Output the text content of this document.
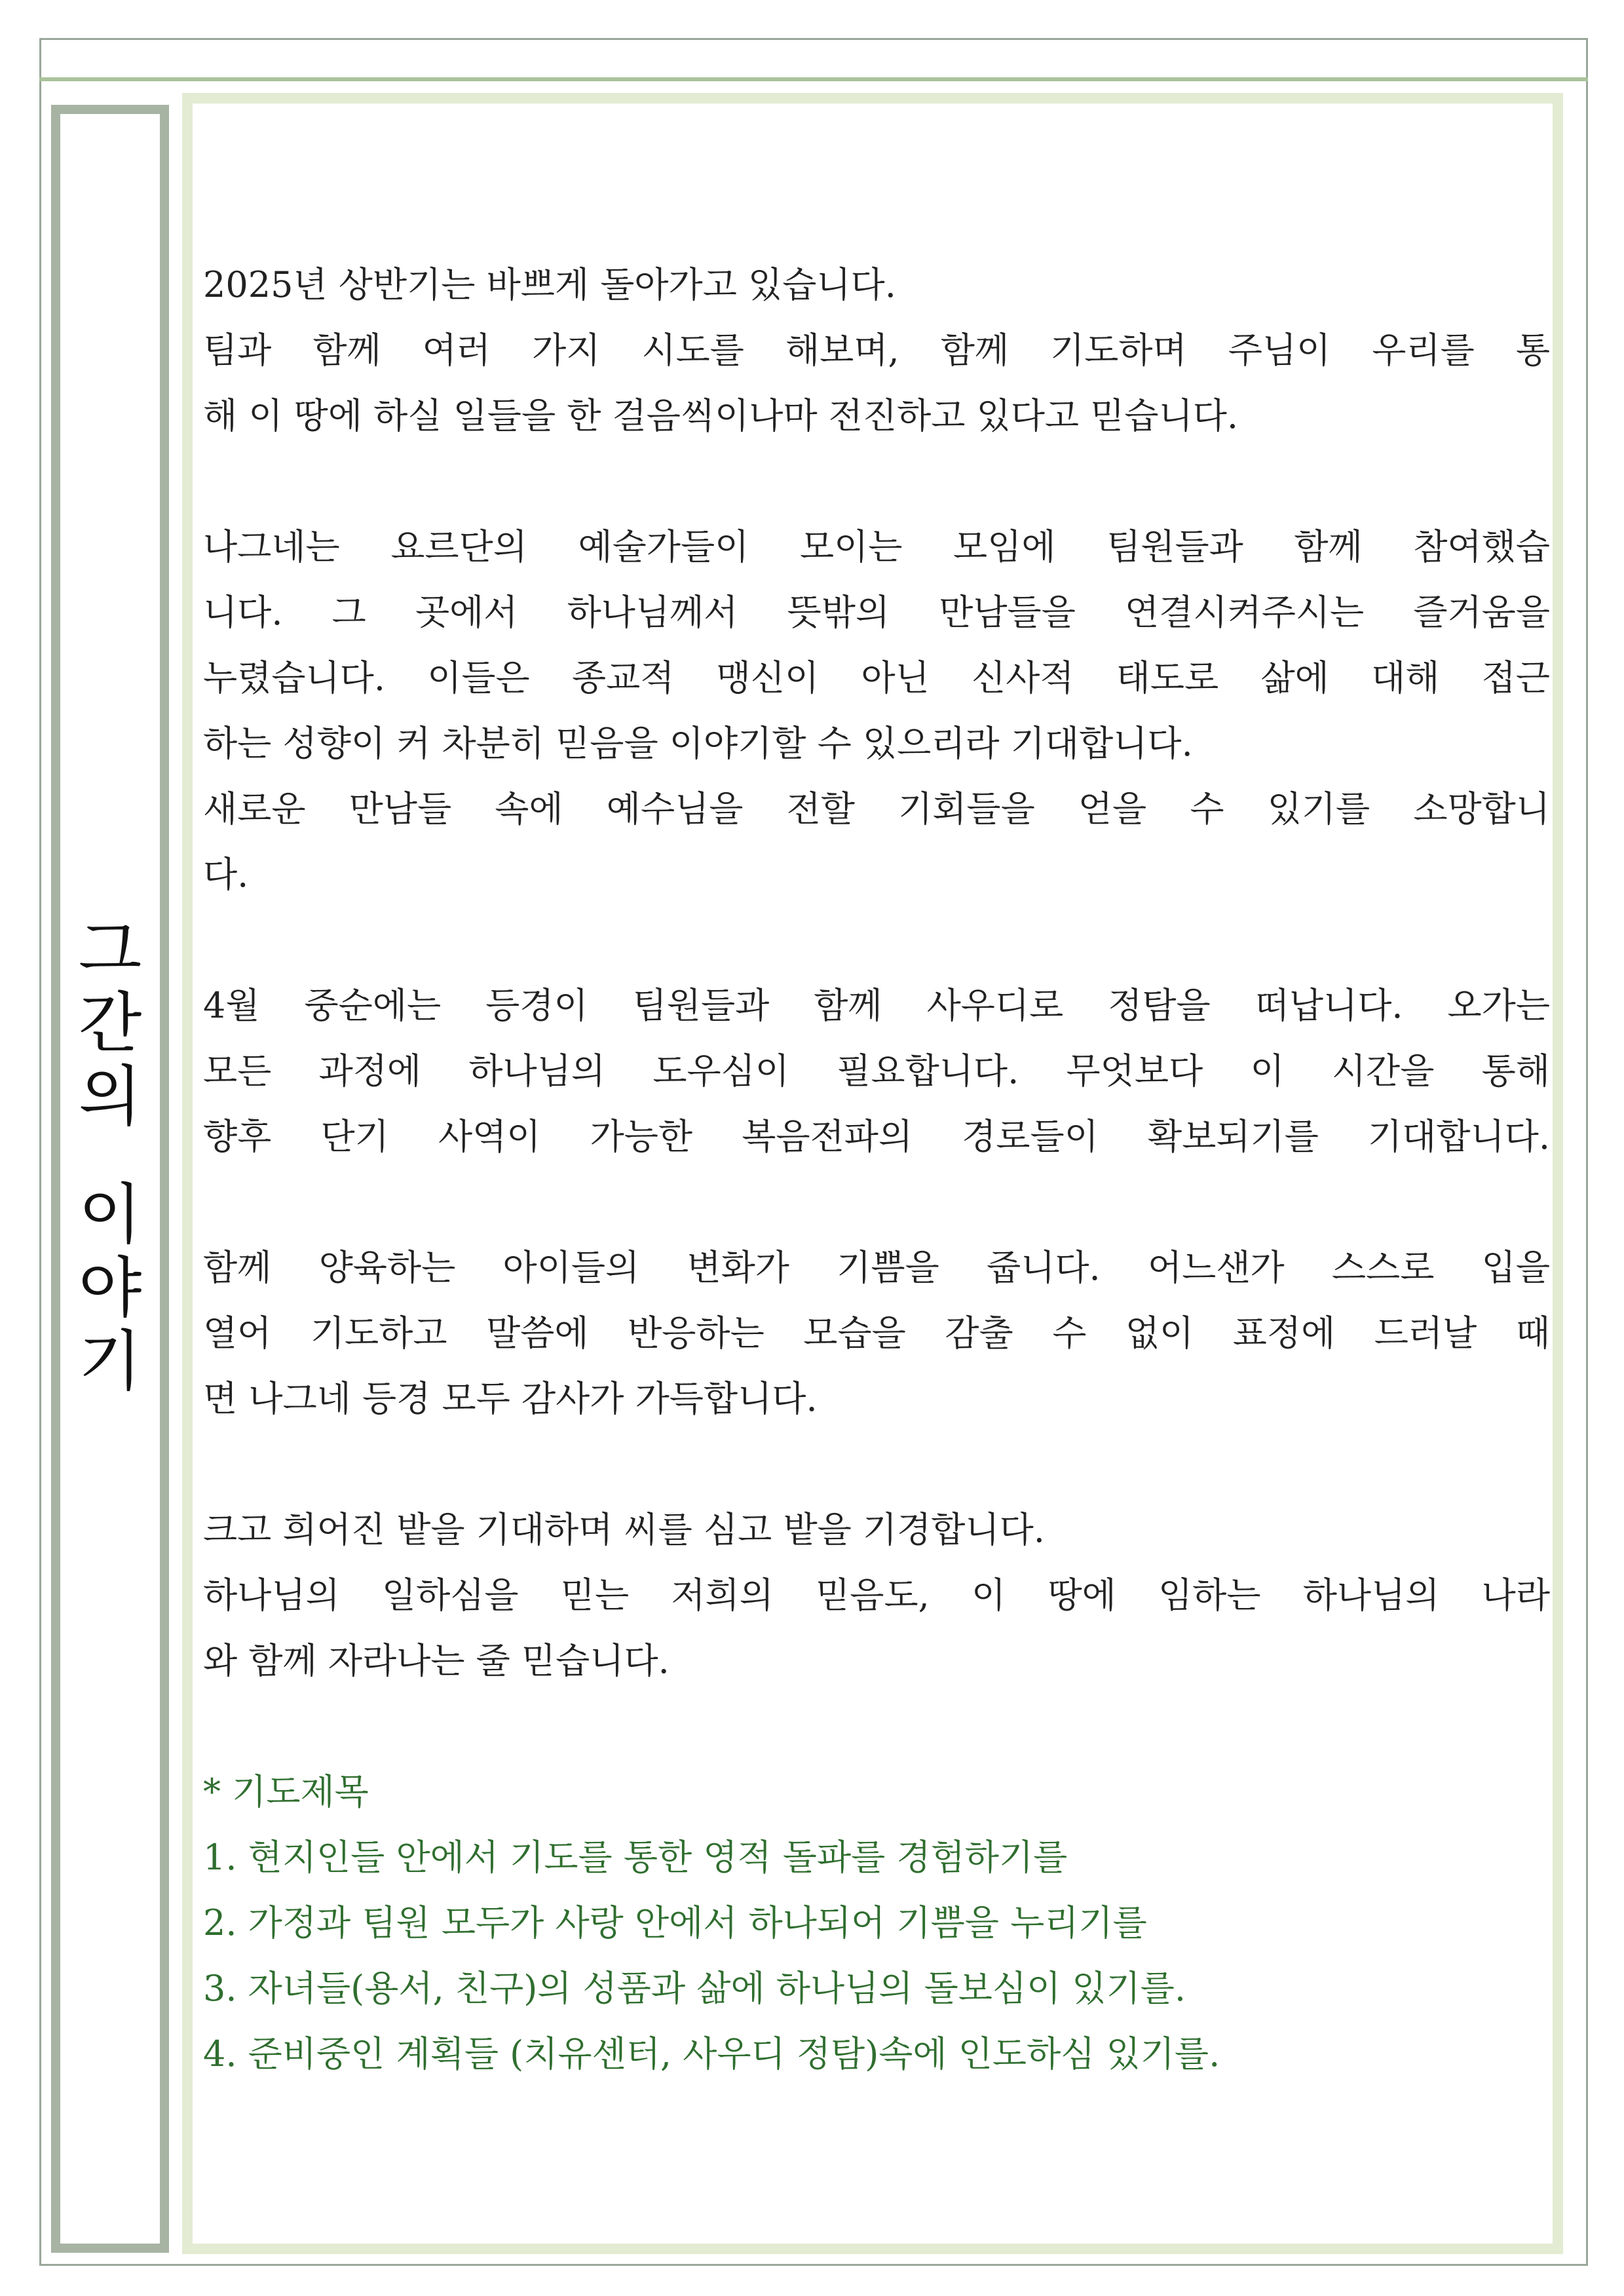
그
간
의
이
야
기
2025년 상반기는 바쁘게 돌아가고 있습니다.
팀과 함께 여러 가지 시도를 해보며, 함께 기도하며 주님이 우리를 통
해 이 땅에 하실 일들을 한 걸음씩이나마 전진하고 있다고 믿습니다.
나그네는 요르단의 예술가들이 모이는 모임에 팀원들과 함께 참여했습
니다. 그 곳에서 하나님께서 뜻밖의 만남들을 연결시켜주시는 즐거움을
누렸습니다. 이들은 종교적 맹신이 아닌 신사적 태도로 삶에 대해 접근
하는 성향이 커 차분히 믿음을 이야기할 수 있으리라 기대합니다.
새로운 만남들 속에 예수님을 전할 기회들을 얻을 수 있기를 소망합니
다.
4월 중순에는 등경이 팀원들과 함께 사우디로 정탐을 떠납니다. 오가는
모든 과정에 하나님의 도우심이 필요합니다. 무엇보다 이 시간을 통해
향후 단기 사역이 가능한 복음전파의 경로들이 확보되기를 기대합니다.
함께 양육하는 아이들의 변화가 기쁨을 줍니다. 어느샌가 스스로 입을
열어 기도하고 말씀에 반응하는 모습을 감출 수 없이 표정에 드러날 때
면 나그네 등경 모두 감사가 가득합니다.
크고 희어진 밭을 기대하며 씨를 심고 밭을 기경합니다.
하나님의 일하심을 믿는 저희의 믿음도, 이 땅에 임하는 하나님의 나라
와 함께 자라나는 줄 믿습니다.
* 기도제목
1. 현지인들 안에서 기도를 통한 영적 돌파를 경험하기를
2. 가정과 팀원 모두가 사랑 안에서 하나되어 기쁨을 누리기를
3. 자녀들(용서, 친구)의 성품과 삶에 하나님의 돌보심이 있기를.
4. 준비중인 계획들 (치유센터, 사우디 정탐)속에 인도하심 있기를.
